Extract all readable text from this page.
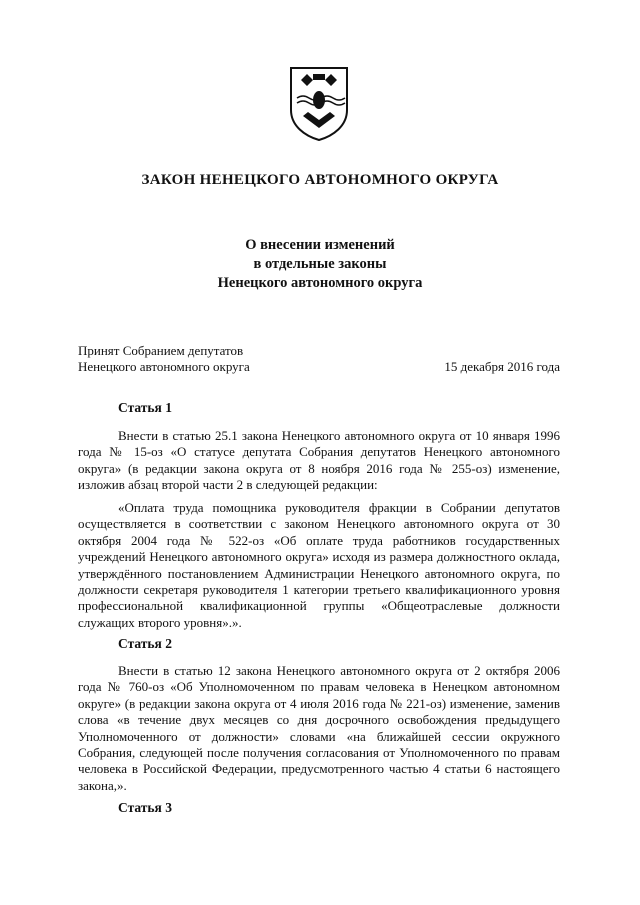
ЗАКОН НЕНЕЦКОГО АВТОНОМНОГО ОКРУГА
О внесении изменений
в отдельные законы
Ненецкого автономного округа
Принят Собранием депутатов
Ненецкого автономного округа	15 декабря 2016 года
Статья 1

Внести в статью 25.1 закона Ненецкого автономного округа от 10 января 1996 года № 15-оз «О статусе депутата Собрания депутатов Ненецкого автономного округа» (в редакции закона округа от 8 ноября 2016 года № 255-оз) изменение, изложив абзац второй части 2 в следующей редакции:

«Оплата труда помощника руководителя фракции в Собрании депутатов осуществляется в соответствии с законом Ненецкого автономного округа от 30 октября 2004 года № 522-оз «Об оплате труда работников государственных учреждений Ненецкого автономного округа» исходя из размера должностного оклада, утверждённого постановлением Администрации Ненецкого автономного округа, по должности секретаря руководителя 1 категории третьего квалификационного уровня профессиональной квалификационной группы «Общеотраслевые должности служащих второго уровня».».

Статья 2

Внести в статью 12 закона Ненецкого автономного округа от 2 октября 2006 года № 760-оз «Об Уполномоченном по правам человека в Ненецком автономном округе» (в редакции закона округа от 4 июля 2016 года № 221-оз) изменение, заменив слова «в течение двух месяцев со дня досрочного освобождения предыдущего Уполномоченного от должности» словами «на ближайшей сессии окружного Собрания, следующей после получения согласования от Уполномоченного по правам человека в Российской Федерации, предусмотренного частью 4 статьи 6 настоящего закона,».

Статья 3
